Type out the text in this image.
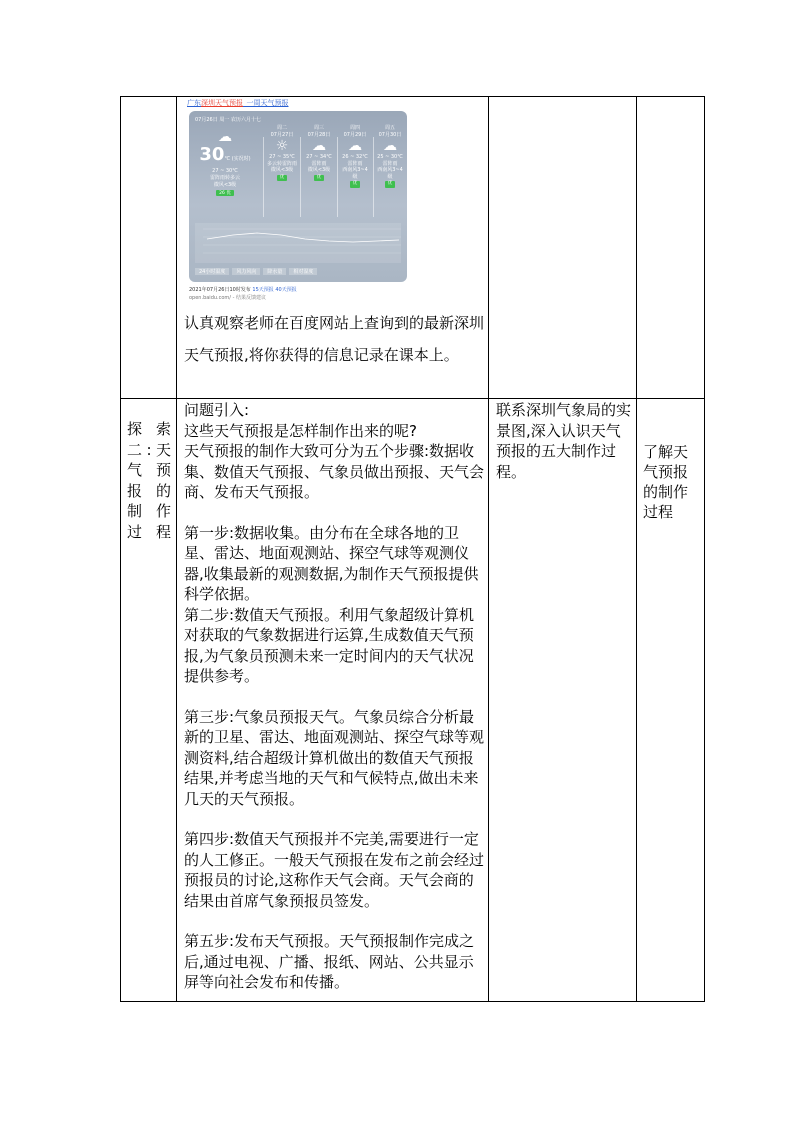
广东深圳天气预报_一周天气预报
07月26日 周一 农历六月十七
☁
30℃ (实况时)
27 ~ 30℃
雷阵雨转多云
微风<3级
26 优
周二
07月27日
☼
27 ~ 35℃
多云转雷阵雨
微风<3级
优
周三
07月28日
☁
27 ~ 34℃
雷阵雨
微风<3级
优
周四
07月29日
☁
26 ~ 32℃
雷阵雨
西南风3~4级
优
周五
07月30日
☁
25 ~ 30℃
雷阵雨
西南风3~4级
优
24小时温度 风力风向 降水量 相对湿度
2021年07月26日10时发布 15天预报 40天预报
open.baidu.com/ - 结果反馈建议
认真观察老师在百度网站上查询到的最新深圳天气预报,将你获得的信息记录在课本上。
探索二:天气预报的制作过程

问题引入:

这些天气预报是怎样制作出来的呢?

天气预报的制作大致可分为五个步骤:数据收集、数值天气预报、气象员做出预报、天气会商、发布天气预报。

第一步:数据收集。由分布在全球各地的卫星、雷达、地面观测站、探空气球等观测仪器,收集最新的观测数据,为制作天气预报提供科学依据。

第二步:数值天气预报。利用气象超级计算机对获取的气象数据进行运算,生成数值天气预报,为气象员预测未来一定时间内的天气状况提供参考。

第三步:气象员预报天气。气象员综合分析最新的卫星、雷达、地面观测站、探空气球等观测资料,结合超级计算机做出的数值天气预报结果,并考虑当地的天气和气候特点,做出未来几天的天气预报。

第四步:数值天气预报并不完美,需要进行一定的人工修正。一般天气预报在发布之前会经过预报员的讨论,这称作天气会商。天气会商的结果由首席气象预报员签发。

第五步:发布天气预报。天气预报制作完成之后,通过电视、广播、报纸、网站、公共显示屏等向社会发布和传播。

联系深圳气象局的实景图,深入认识天气预报的五大制作过程。
了解天气预报的制作过程
